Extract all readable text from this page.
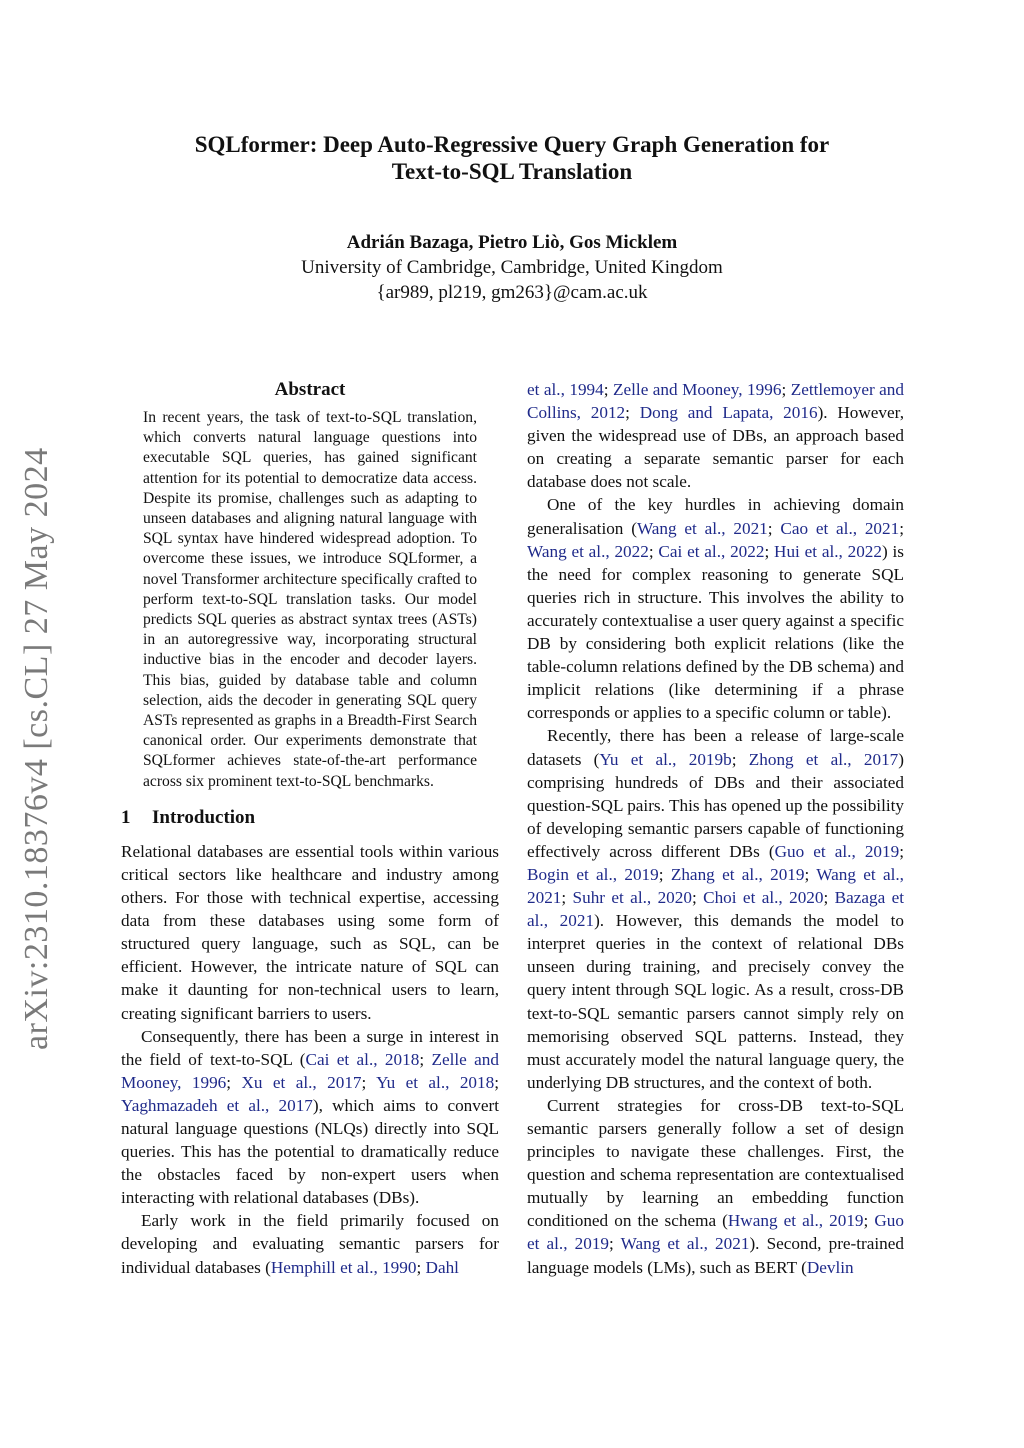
arXiv:2310.18376v4 [cs.CL] 27 May 2024
SQLformer: Deep Auto-Regressive Query Graph Generation for
Text-to-SQL Translation
Adrián Bazaga, Pietro Liò, Gos Micklem
University of Cambridge, Cambridge, United Kingdom
{ar989, pl219, gm263}@cam.ac.uk
Abstract
In recent years, the task of text-to-SQL translation, which converts natural language questions into executable SQL queries, has gained significant attention for its potential to democratize data access. Despite its promise, challenges such as adapting to unseen databases and aligning natural language with SQL syntax have hindered widespread adoption. To overcome these issues, we introduce SQLformer, a novel Transformer architecture specifically crafted to perform text-to-SQL translation tasks. Our model predicts SQL queries as abstract syntax trees (ASTs) in an autoregressive way, incorporating structural inductive bias in the encoder and decoder layers. This bias, guided by database table and column selection, aids the decoder in generating SQL query ASTs represented as graphs in a Breadth-First Search canonical order. Our experiments demonstrate that SQLformer achieves state-of-the-art performance across six prominent text-to-SQL benchmarks.
1 Introduction

Relational databases are essential tools within various critical sectors like healthcare and industry among others. For those with technical expertise, accessing data from these databases using some form of structured query language, such as SQL, can be efficient. However, the intricate nature of SQL can make it daunting for non-technical users to learn, creating significant barriers to users.

Consequently, there has been a surge in interest in the field of text-to-SQL (Cai et al., 2018; Zelle and Mooney, 1996; Xu et al., 2017; Yu et al., 2018; Yaghmazadeh et al., 2017), which aims to convert natural language questions (NLQs) directly into SQL queries. This has the potential to dramatically reduce the obstacles faced by non-expert users when interacting with relational databases (DBs).

Early work in the field primarily focused on developing and evaluating semantic parsers for individual databases (Hemphill et al., 1990; Dahl

et al., 1994; Zelle and Mooney, 1996; Zettlemoyer and Collins, 2012; Dong and Lapata, 2016). However, given the widespread use of DBs, an approach based on creating a separate semantic parser for each database does not scale.

One of the key hurdles in achieving domain generalisation (Wang et al., 2021; Cao et al., 2021; Wang et al., 2022; Cai et al., 2022; Hui et al., 2022) is the need for complex reasoning to generate SQL queries rich in structure. This involves the ability to accurately contextualise a user query against a specific DB by considering both explicit relations (like the table-column relations defined by the DB schema) and implicit relations (like determining if a phrase corresponds or applies to a specific column or table).

Recently, there has been a release of large-scale datasets (Yu et al., 2019b; Zhong et al., 2017) comprising hundreds of DBs and their associated question-SQL pairs. This has opened up the possibility of developing semantic parsers capable of functioning effectively across different DBs (Guo et al., 2019; Bogin et al., 2019; Zhang et al., 2019; Wang et al., 2021; Suhr et al., 2020; Choi et al., 2020; Bazaga et al., 2021). However, this demands the model to interpret queries in the context of relational DBs unseen during training, and precisely convey the query intent through SQL logic. As a result, cross-DB text-to-SQL semantic parsers cannot simply rely on memorising observed SQL patterns. Instead, they must accurately model the natural language query, the underlying DB structures, and the context of both.

Current strategies for cross-DB text-to-SQL semantic parsers generally follow a set of design principles to navigate these challenges. First, the question and schema representation are contextualised mutually by learning an embedding function conditioned on the schema (Hwang et al., 2019; Guo et al., 2019; Wang et al., 2021). Second, pre-trained language models (LMs), such as BERT (Devlin
